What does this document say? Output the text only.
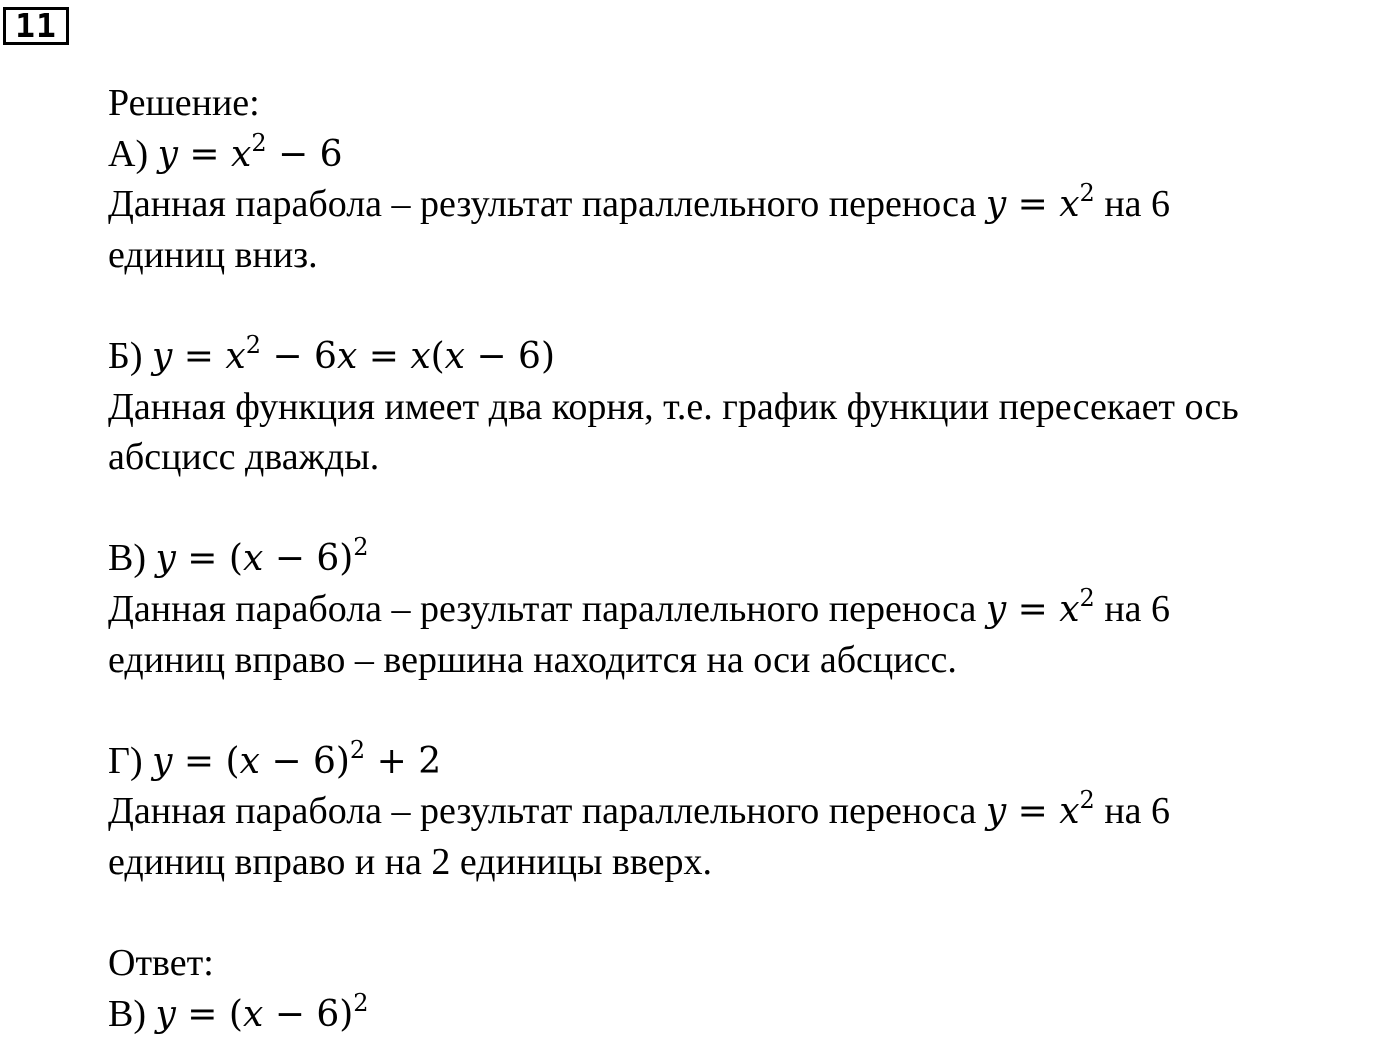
11
Решение:
А) $y = x^2 - 6$
Данная парабола – результат параллельного переноса $y = x^2$ на 6
единиц вниз.
Б) $y = x^2 - 6x = x(x - 6)$
Данная функция имеет два корня, т.е. график функции пересекает ось
абсцисс дважды.
В) $y = (x - 6)^2$
Данная парабола – результат параллельного переноса $y = x^2$ на 6
единиц вправо – вершина находится на оси абсцисс.
Г) $y = (x - 6)^2 + 2$
Данная парабола – результат параллельного переноса $y = x^2$ на 6
единиц вправо и на 2 единицы вверх.
Ответ:
В) $y = (x - 6)^2$
